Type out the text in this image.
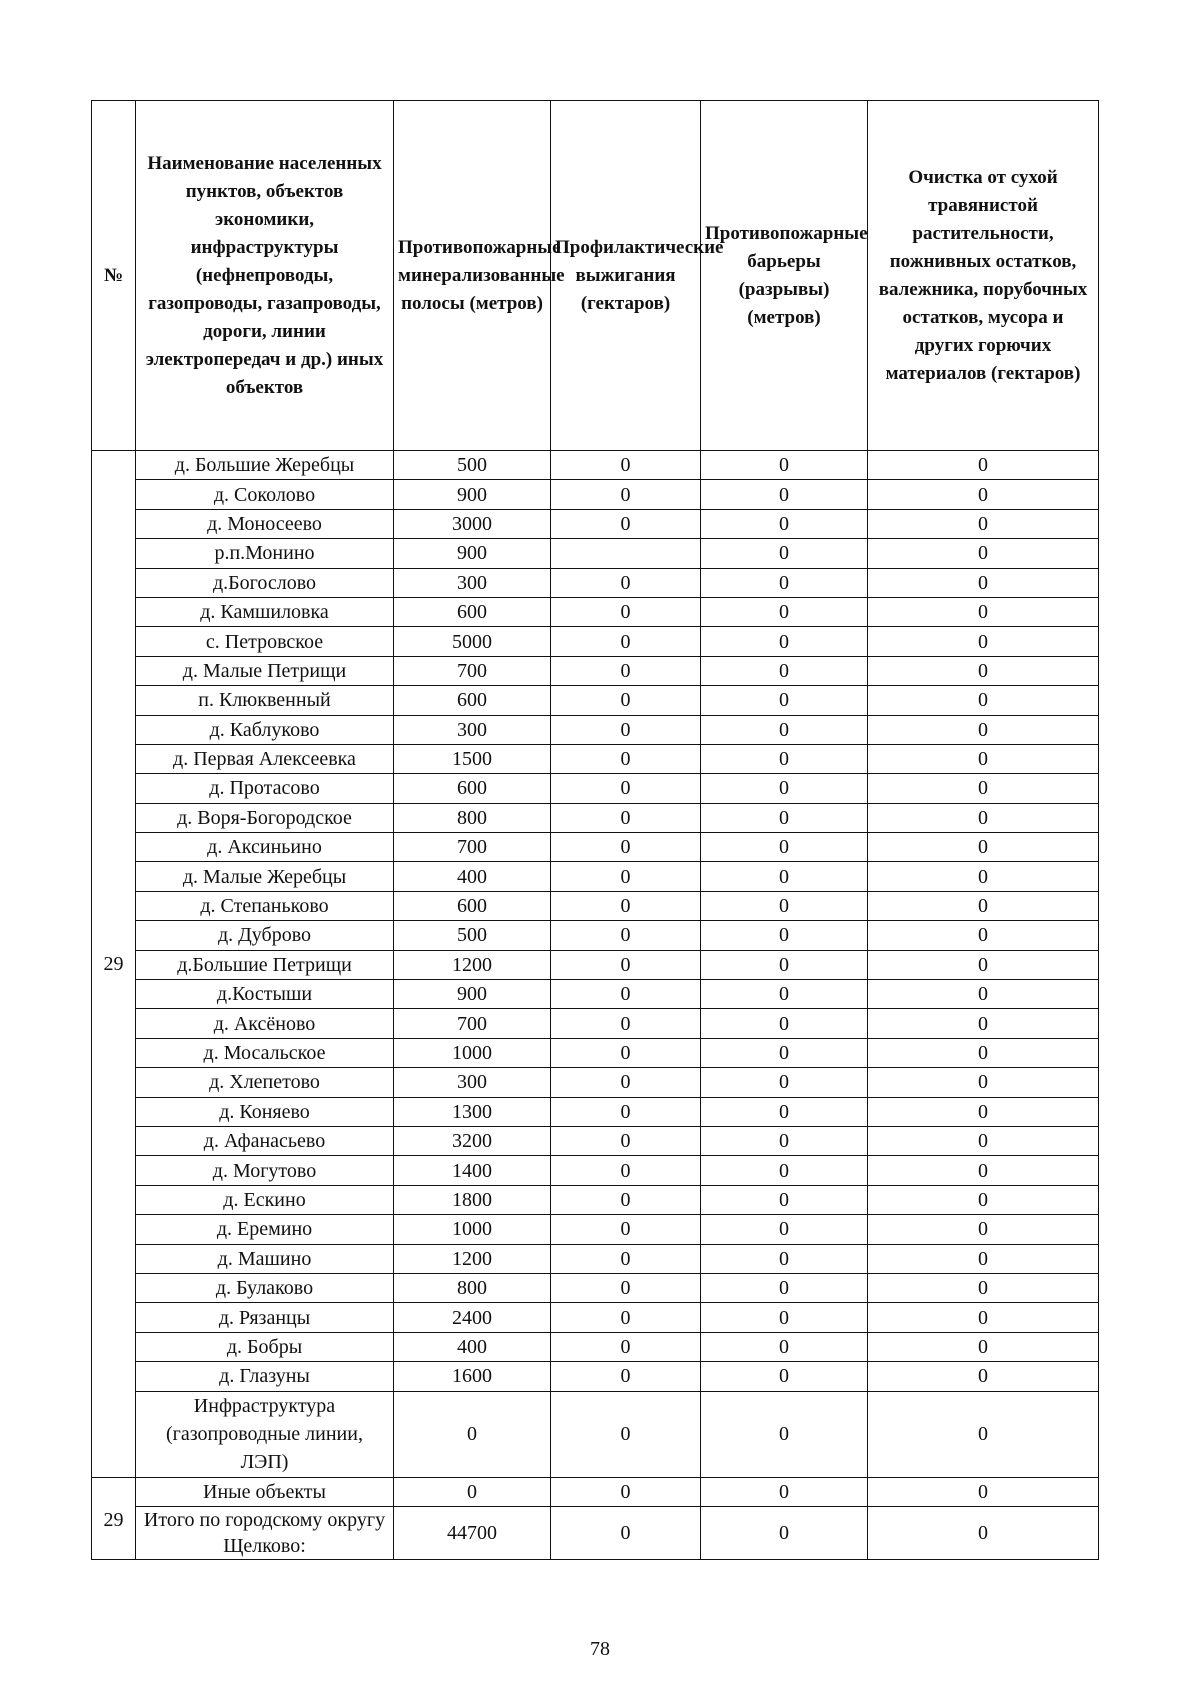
№	Наименование населенных пунктов, объектов экономики, инфраструктуры (нефнепроводы, газопроводы, газапроводы, дороги, линии электропередач и др.) иных объектов	Противопожарные минерализованные полосы (метров)	Профилактические выжигания (гектаров)	Противопожарные барьеры (разрывы) (метров)	Очистка от сухой травянистой растительности, пожнивных остатков, валежника, порубочных остатков, мусора и других горючих материалов (гектаров)
29	д. Большие Жеребцы	500	0	0	0
	д. Соколово	900	0	0	0
	д. Моносеево	3000	0	0	0
	р.п.Монино	900		0	0
	д.Богослово	300	0	0	0
	д. Камшиловка	600	0	0	0
	с. Петровское	5000	0	0	0
	д. Малые Петрищи	700	0	0	0
	п. Клюквенный	600	0	0	0
	д. Каблуково	300	0	0	0
	д. Первая Алексеевка	1500	0	0	0
	д. Протасово	600	0	0	0
	д. Воря-Богородское	800	0	0	0
	д. Аксиньино	700	0	0	0
	д. Малые Жеребцы	400	0	0	0
	д. Степаньково	600	0	0	0
	д. Дуброво	500	0	0	0
	д.Большие Петрищи	1200	0	0	0
	д.Костыши	900	0	0	0
	д. Аксёново	700	0	0	0
	д. Мосальское	1000	0	0	0
	д. Хлепетово	300	0	0	0
	д. Коняево	1300	0	0	0
	д. Афанасьево	3200	0	0	0
	д. Могутово	1400	0	0	0
	д. Ескино	1800	0	0	0
	д. Еремино	1000	0	0	0
	д. Машино	1200	0	0	0
	д. Булаково	800	0	0	0
	д. Рязанцы	2400	0	0	0
	д. Бобры	400	0	0	0
	д. Глазуны	1600	0	0	0
	Инфраструктура (газопроводные линии, ЛЭП)	0	0	0	0
29	Иные объекты	0	0	0	0
	Итого по городскому округу Щелково:	44700	0	0	0
78
